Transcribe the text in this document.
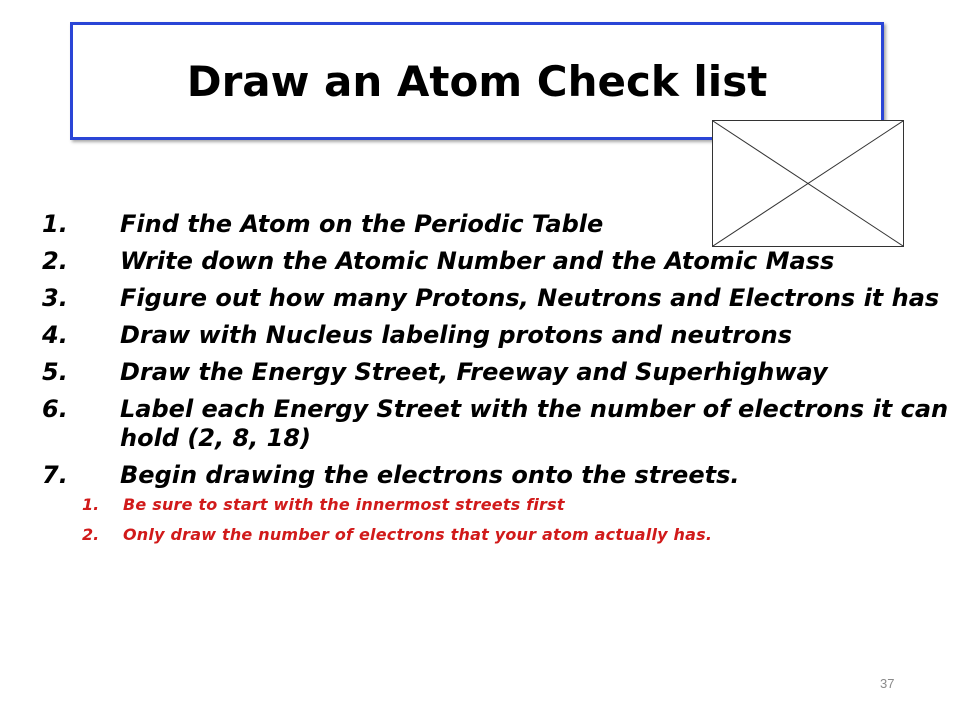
Draw an Atom Check list
1.	Find the Atom on the Periodic Table
2.	Write down the Atomic Number and the Atomic Mass
3.	Figure out how many Protons, Neutrons and Electrons it has
4.	Draw with Nucleus labeling protons and neutrons
5.	Draw the Energy Street, Freeway and Superhighway
6.	Label each Energy Street with the number of electrons it can hold (2, 8, 18)
7.	Begin drawing the electrons onto the streets.
1.	Be sure to start with the innermost streets first
2.	Only draw the number of electrons that your atom actually has.
37
